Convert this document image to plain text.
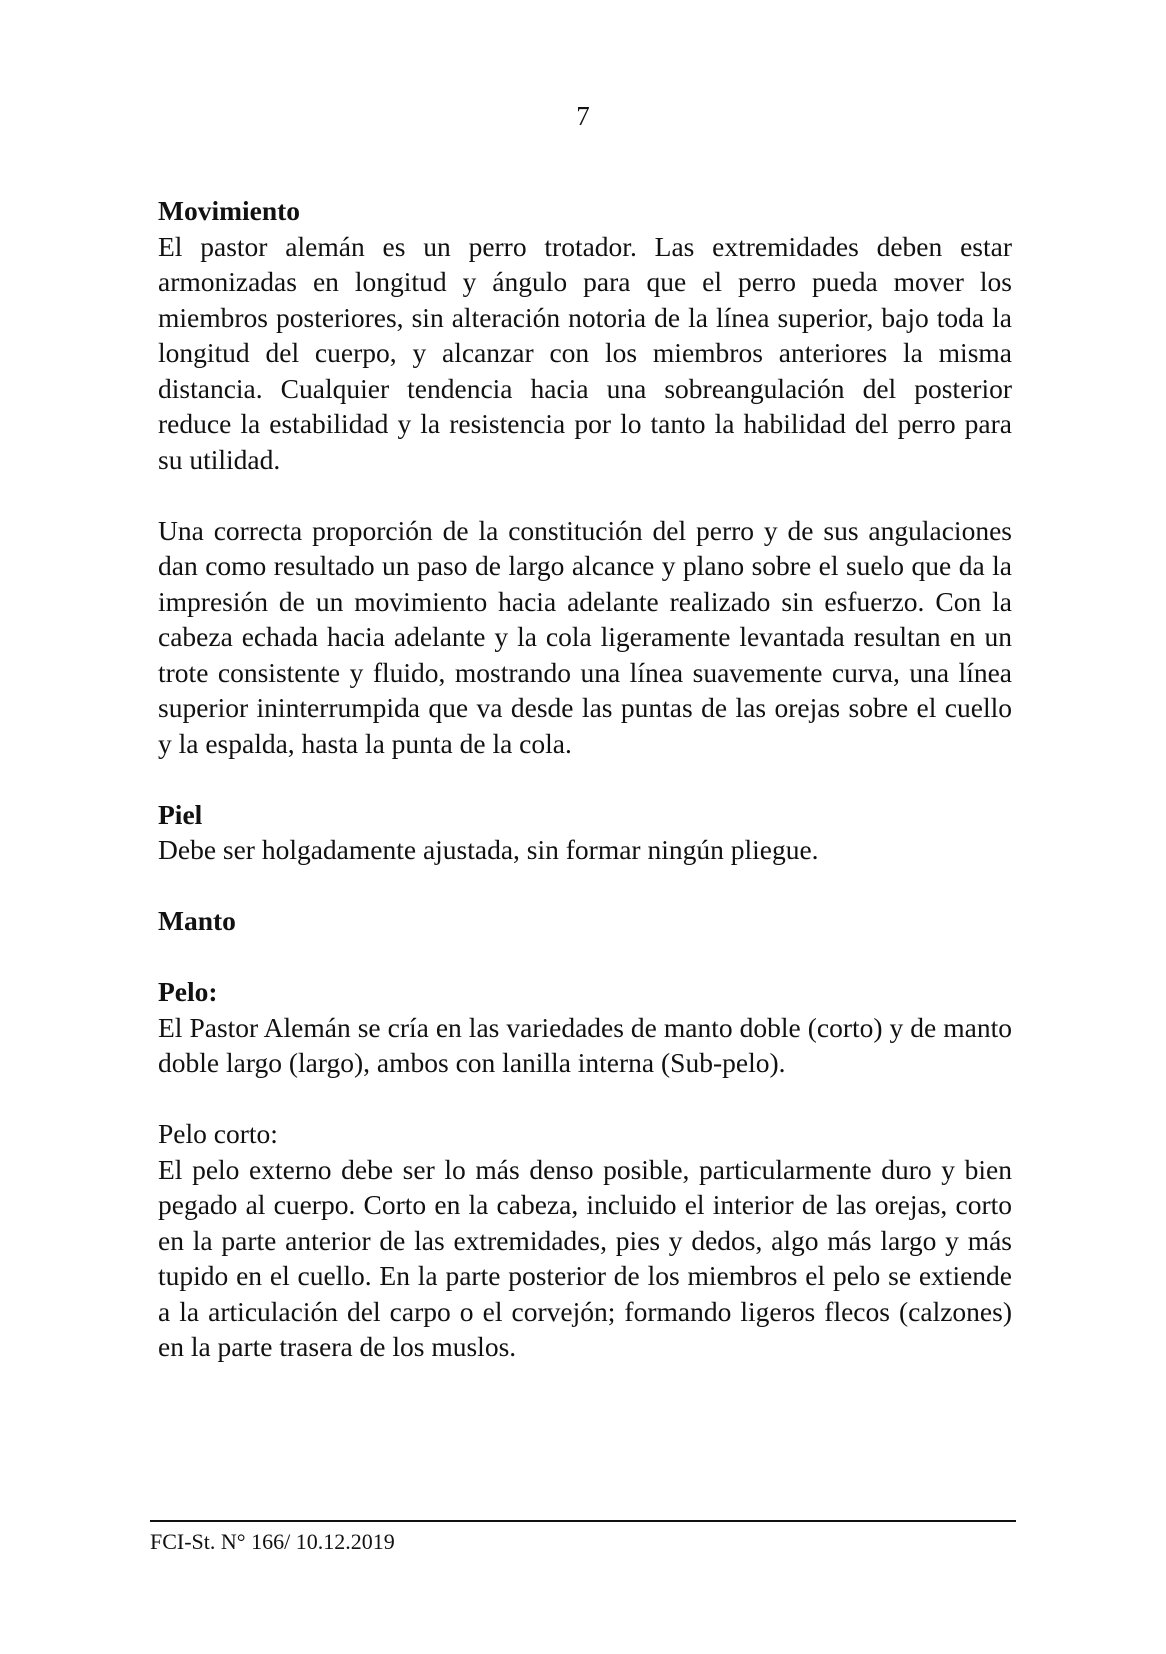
7

Movimiento

El pastor alemán es un perro trotador. Las extremidades deben estar armonizadas en longitud y ángulo para que el perro pueda mover los miembros posteriores, sin alteración notoria de la línea superior, bajo toda la longitud del cuerpo, y alcanzar con los miembros anteriores la misma distancia. Cualquier tendencia hacia una sobreangulación del posterior reduce la estabilidad y la resistencia por lo tanto la habilidad del perro para su utilidad.

Una correcta proporción de la constitución del perro y de sus angulaciones dan como resultado un paso de largo alcance y plano sobre el suelo que da la impresión de un movimiento hacia adelante realizado sin esfuerzo. Con la cabeza echada hacia adelante y la cola ligeramente levantada resultan en un trote consistente y fluido, mostrando una línea suavemente curva, una línea superior ininterrumpida que va desde las puntas de las orejas sobre el cuello y la espalda, hasta la punta de la cola.

Piel

Debe ser holgadamente ajustada, sin formar ningún pliegue.

Manto

Pelo:

El Pastor Alemán se cría en las variedades de manto doble (corto) y de manto doble largo (largo), ambos con lanilla interna (Sub-pelo).

Pelo corto:

El pelo externo debe ser lo más denso posible, particularmente duro y bien pegado al cuerpo. Corto en la cabeza, incluido el interior de las orejas, corto en la parte anterior de las extremidades, pies y dedos, algo más largo y más tupido en el cuello. En la parte posterior de los miembros el pelo se extiende a la articulación del carpo o el corvejón; formando ligeros flecos (calzones) en la parte trasera de los muslos.

FCI-St. N° 166/ 10.12.2019
